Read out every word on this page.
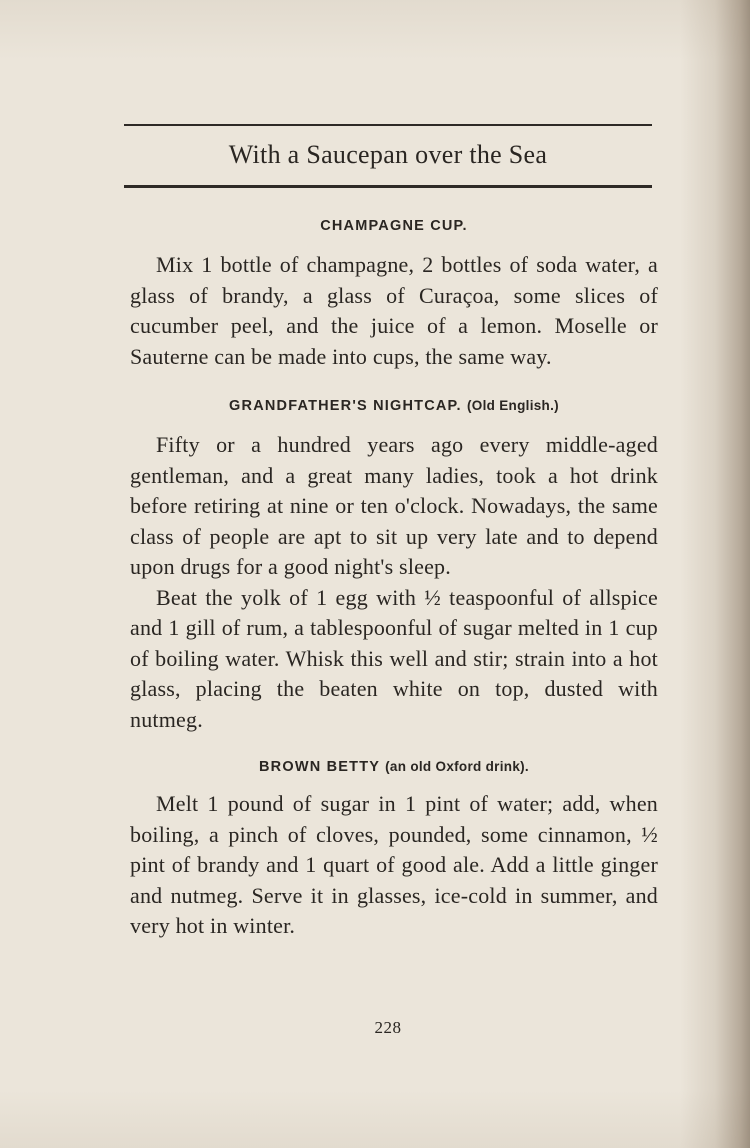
With a Saucepan over the Sea
CHAMPAGNE CUP.

Mix 1 bottle of champagne, 2 bottles of soda water, a glass of brandy, a glass of Curaçoa, some slices of cucumber peel, and the juice of a lemon. Moselle or Sauterne can be made into cups, the same way.

GRANDFATHER'S NIGHTCAP. (Old English.)

Fifty or a hundred years ago every middle-aged gentleman, and a great many ladies, took a hot drink before retiring at nine or ten o'clock. Nowadays, the same class of people are apt to sit up very late and to depend upon drugs for a good night's sleep.

Beat the yolk of 1 egg with ½ teaspoonful of allspice and 1 gill of rum, a tablespoonful of sugar melted in 1 cup of boiling water. Whisk this well and stir; strain into a hot glass, placing the beaten white on top, dusted with nutmeg.

BROWN BETTY (an old Oxford drink).

Melt 1 pound of sugar in 1 pint of water; add, when boiling, a pinch of cloves, pounded, some cinnamon, ½ pint of brandy and 1 quart of good ale. Add a little ginger and nutmeg. Serve it in glasses, ice-cold in summer, and very hot in winter.

228
